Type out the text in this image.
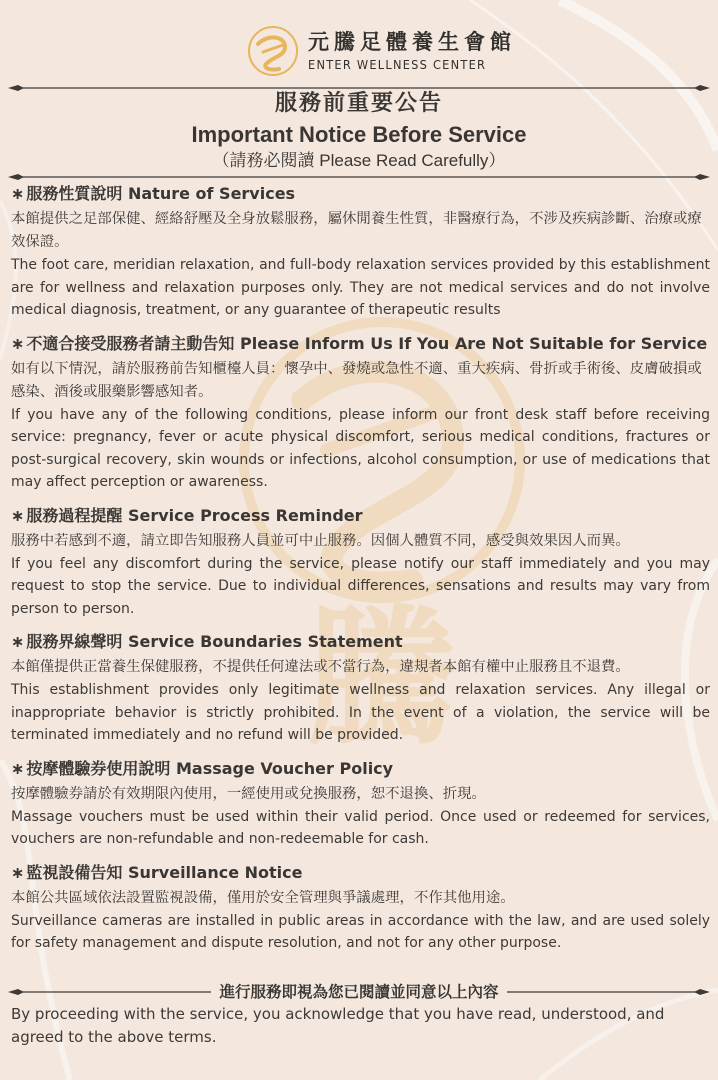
騰
元騰足體養生會館
ENTER WELLNESS CENTER
服務前重要公告
Important Notice Before Service
（請務必閱讀 Please Read Carefully）
∗ 服務性質說明 Nature of Services
本館提供之足部保健、經絡舒壓及全身放鬆服務，屬休閒養生性質，非醫療行為，不涉及疾病診斷、治療或療效保證。
The foot care, meridian relaxation, and full-body relaxation services provided by this establishment are for wellness and relaxation purposes only. They are not medical services and do not involve medical diagnosis, treatment, or any guarantee of therapeutic results
∗ 不適合接受服務者請主動告知 Please Inform Us If You Are Not Suitable for Service
如有以下情況，請於服務前告知櫃檯人員：懷孕中、發燒或急性不適、重大疾病、骨折或手術後、皮膚破損或感染、酒後或服藥影響感知者。
If you have any of the following conditions, please inform our front desk staff before receiving service: pregnancy, fever or acute physical discomfort, serious medical conditions, fractures or post-surgical recovery, skin wounds or infections, alcohol consumption, or use of medications that may affect perception or awareness.
∗ 服務過程提醒 Service Process Reminder
服務中若感到不適，請立即告知服務人員並可中止服務。因個人體質不同，感受與效果因人而異。
If you feel any discomfort during the service, please notify our staff immediately and you may request to stop the service. Due to individual differences, sensations and results may vary from person to person.
∗ 服務界線聲明 Service Boundaries Statement
本館僅提供正當養生保健服務，不提供任何違法或不當行為，違規者本館有權中止服務且不退費。
This establishment provides only legitimate wellness and relaxation services. Any illegal or inappropriate behavior is strictly prohibited. In the event of a violation, the service will be terminated immediately and no refund will be provided.
∗ 按摩體驗券使用說明 Massage Voucher Policy
按摩體驗券請於有效期限內使用，一經使用或兌換服務，恕不退換、折現。
Massage vouchers must be used within their valid period. Once used or redeemed for services, vouchers are non-refundable and non-redeemable for cash.
∗ 監視設備告知 Surveillance Notice
本館公共區域依法設置監視設備，僅用於安全管理與爭議處理，不作其他用途。
Surveillance cameras are installed in public areas in accordance with the law, and are used solely for safety management and dispute resolution, and not for any other purpose.
進行服務即視為您已閱讀並同意以上內容
By proceeding with the service, you acknowledge that you have read, understood, and agreed to the above terms.
